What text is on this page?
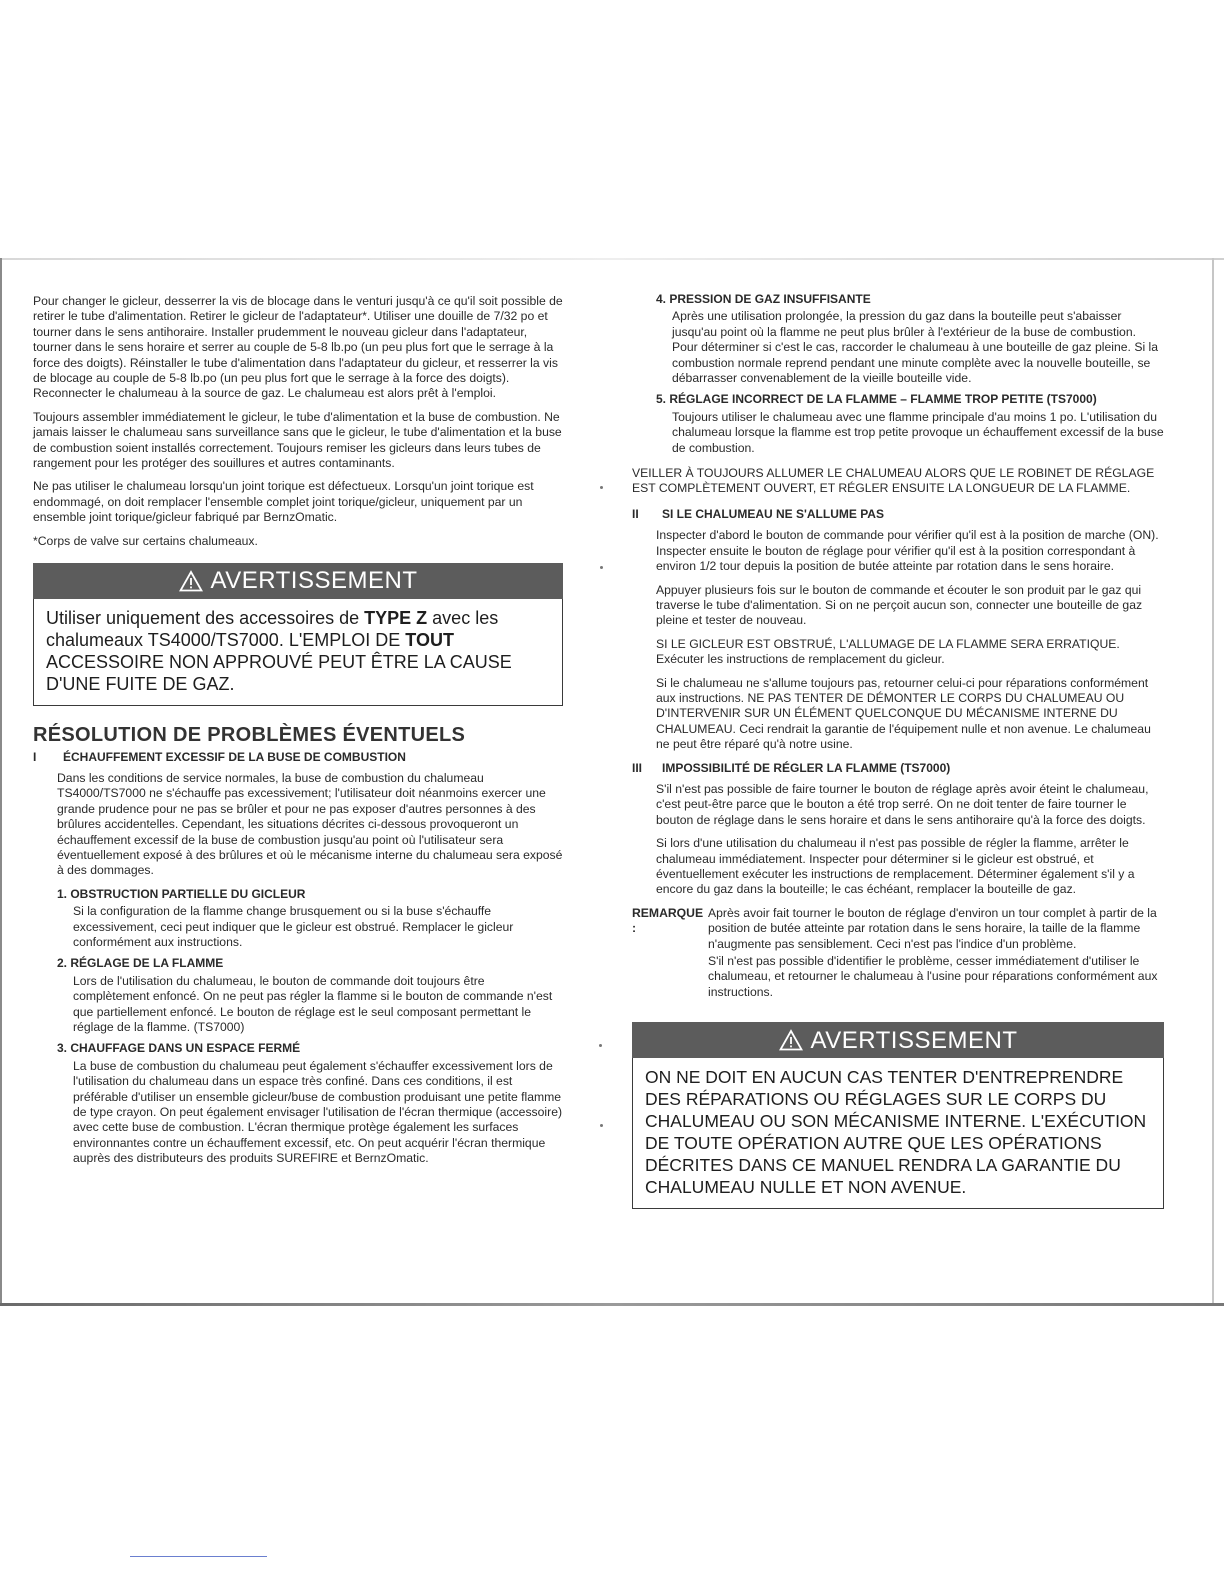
Pour changer le gicleur, desserrer la vis de blocage dans le venturi jusqu'à ce qu'il soit possible de retirer le tube d'alimentation. Retirer le gicleur de l'adaptateur*. Utiliser une douille de 7/32 po et tourner dans le sens antihoraire. Installer prudemment le nouveau gicleur dans l'adaptateur, tourner dans le sens horaire et serrer au couple de 5-8 lb.po (un peu plus fort que le serrage à la force des doigts). Réinstaller le tube d'alimentation dans l'adaptateur du gicleur, et resserrer la vis de blocage au couple de 5-8 lb.po (un peu plus fort que le serrage à la force des doigts). Reconnecter le chalumeau à la source de gaz. Le chalumeau est alors prêt à l'emploi.

Toujours assembler immédiatement le gicleur, le tube d'alimentation et la buse de combustion. Ne jamais laisser le chalumeau sans surveillance sans que le gicleur, le tube d'alimentation et la buse de combustion soient installés correctement. Toujours remiser les gicleurs dans leurs tubes de rangement pour les protéger des souillures et autres contaminants.

Ne pas utiliser le chalumeau lorsqu'un joint torique est défectueux. Lorsqu'un joint torique est endommagé, on doit remplacer l'ensemble complet joint torique/gicleur, uniquement par un ensemble joint torique/gicleur fabriqué par BernzOmatic.

*Corps de valve sur certains chalumeaux.

AVERTISSEMENT
Utiliser uniquement des accessoires de TYPE Z avec les chalumeaux TS4000/TS7000. L'EMPLOI DE TOUT ACCESSOIRE NON APPROUVÉ PEUT ÊTRE LA CAUSE D'UNE FUITE DE GAZ.
RÉSOLUTION DE PROBLÈMES ÉVENTUELS
I	ÉCHAUFFEMENT EXCESSIF DE LA BUSE DE COMBUSTION

Dans les conditions de service normales, la buse de combustion du chalumeau TS4000/TS7000 ne s'échauffe pas excessivement; l'utilisateur doit néanmoins exercer une grande prudence pour ne pas se brûler et pour ne pas exposer d'autres personnes à des brûlures accidentelles. Cependant, les situations décrites ci-dessous provoqueront un échauffement excessif de la buse de combustion jusqu'au point où l'utilisateur sera éventuellement exposé à des brûlures et où le mécanisme interne du chalumeau sera exposé à des dommages.

1. OBSTRUCTION PARTIELLE DU GICLEUR

Si la configuration de la flamme change brusquement ou si la buse s'échauffe excessivement, ceci peut indiquer que le gicleur est obstrué. Remplacer le gicleur conformément aux instructions.

2. RÉGLAGE DE LA FLAMME

Lors de l'utilisation du chalumeau, le bouton de commande doit toujours être complètement enfoncé. On ne peut pas régler la flamme si le bouton de commande n'est que partiellement enfoncé. Le bouton de réglage est le seul composant permettant le réglage de la flamme. (TS7000)

3. CHAUFFAGE DANS UN ESPACE FERMÉ

La buse de combustion du chalumeau peut également s'échauffer excessivement lors de l'utilisation du chalumeau dans un espace très confiné. Dans ces conditions, il est préférable d'utiliser un ensemble gicleur/buse de combustion produisant une petite flamme de type crayon. On peut également envisager l'utilisation de l'écran thermique (accessoire) avec cette buse de combustion. L'écran thermique protège également les surfaces environnantes contre un échauffement excessif, etc. On peut acquérir l'écran thermique auprès des distributeurs des produits SUREFIRE et BernzOmatic.

4. PRESSION DE GAZ INSUFFISANTE

Après une utilisation prolongée, la pression du gaz dans la bouteille peut s'abaisser jusqu'au point où la flamme ne peut plus brûler à l'extérieur de la buse de combustion. Pour déterminer si c'est le cas, raccorder le chalumeau à une bouteille de gaz pleine. Si la combustion normale reprend pendant une minute complète avec la nouvelle bouteille, se débarrasser convenablement de la vieille bouteille vide.

5. RÉGLAGE INCORRECT DE LA FLAMME – FLAMME TROP PETITE (TS7000)

Toujours utiliser le chalumeau avec une flamme principale d'au moins 1 po. L'utilisation du chalumeau lorsque la flamme est trop petite provoque un échauffement excessif de la buse de combustion.

VEILLER À TOUJOURS ALLUMER LE CHALUMEAU ALORS QUE LE ROBINET DE RÉGLAGE EST COMPLÈTEMENT OUVERT, ET RÉGLER ENSUITE LA LONGUEUR DE LA FLAMME.

II	SI LE CHALUMEAU NE S'ALLUME PAS

Inspecter d'abord le bouton de commande pour vérifier qu'il est à la position de marche (ON). Inspecter ensuite le bouton de réglage pour vérifier qu'il est à la position correspondant à environ 1/2 tour depuis la position de butée atteinte par rotation dans le sens horaire.

Appuyer plusieurs fois sur le bouton de commande et écouter le son produit par le gaz qui traverse le tube d'alimentation. Si on ne perçoit aucun son, connecter une bouteille de gaz pleine et tester de nouveau.

SI LE GICLEUR EST OBSTRUÉ, L'ALLUMAGE DE LA FLAMME SERA ERRATIQUE. Exécuter les instructions de remplacement du gicleur.

Si le chalumeau ne s'allume toujours pas, retourner celui-ci pour réparations conformément aux instructions. NE PAS TENTER DE DÉMONTER LE CORPS DU CHALUMEAU OU D'INTERVENIR SUR UN ÉLÉMENT QUELCONQUE DU MÉCANISME INTERNE DU CHALUMEAU. Ceci rendrait la garantie de l'équipement nulle et non avenue. Le chalumeau ne peut être réparé qu'à notre usine.

III	IMPOSSIBILITÉ DE RÉGLER LA FLAMME (TS7000)

S'il n'est pas possible de faire tourner le bouton de réglage après avoir éteint le chalumeau, c'est peut-être parce que le bouton a été trop serré. On ne doit tenter de faire tourner le bouton de réglage dans le sens horaire et dans le sens antihoraire qu'à la force des doigts.

Si lors d'une utilisation du chalumeau il n'est pas possible de régler la flamme, arrêter le chalumeau immédiatement. Inspecter pour déterminer si le gicleur est obstrué, et éventuellement exécuter les instructions de remplacement. Déterminer également s'il y a encore du gaz dans la bouteille; le cas échéant, remplacer la bouteille de gaz.

REMARQUE :

Après avoir fait tourner le bouton de réglage d'environ un tour complet à partir de la position de butée atteinte par rotation dans le sens horaire, la taille de la flamme n'augmente pas sensiblement. Ceci n'est pas l'indice d'un problème.

S'il n'est pas possible d'identifier le problème, cesser immédiatement d'utiliser le chalumeau, et retourner le chalumeau à l'usine pour réparations conformément aux instructions.

AVERTISSEMENT
ON NE DOIT EN AUCUN CAS TENTER D'ENTREPRENDRE DES RÉPARATIONS OU RÉGLAGES SUR LE CORPS DU CHALUMEAU OU SON MÉCANISME INTERNE. L'EXÉCUTION DE TOUTE OPÉRATION AUTRE QUE LES OPÉRATIONS DÉCRITES DANS CE MANUEL RENDRA LA GARANTIE DU CHALUMEAU NULLE ET NON AVENUE.
